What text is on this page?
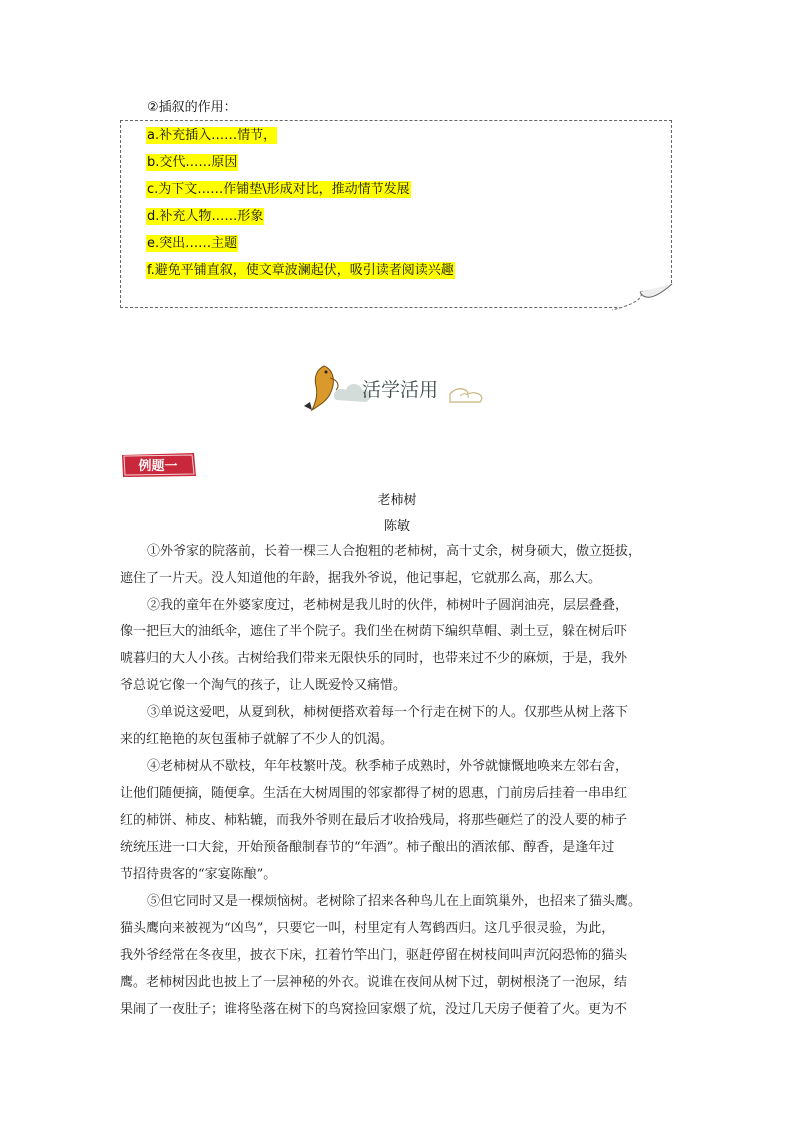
②插叙的作用：
a.补充插入……情节，
b.交代……原因
c.为下文……作铺垫\形成对比，推动情节发展
d.补充人物……形象
e.突出……主题
f.避免平铺直叙，使文章波澜起伏，吸引读者阅读兴趣
活学活用
例题一
老柿树
陈敏
①外爷家的院落前，长着一棵三人合抱粗的老柿树，高十丈余，树身硕大，傲立挺拔，
遮住了一片天。没人知道他的年龄，据我外爷说，他记事起，它就那么高，那么大。
②我的童年在外婆家度过，老柿树是我儿时的伙伴，柿树叶子圆润油亮，层层叠叠，
像一把巨大的油纸伞，遮住了半个院子。我们坐在树荫下编织草帽、剥土豆，躲在树后吓
唬暮归的大人小孩。古树给我们带来无限快乐的同时，也带来过不少的麻烦，于是，我外
爷总说它像一个淘气的孩子，让人既爱怜又痛惜。
③单说这爱吧，从夏到秋，柿树便搭欢着每一个行走在树下的人。仅那些从树上落下
来的红艳艳的灰包蛋柿子就解了不少人的饥渴。
④老柿树从不歇枝，年年枝繁叶茂。秋季柿子成熟时，外爷就慷慨地唤来左邻右舍，
让他们随便摘，随便拿。生活在大树周围的邻家都得了树的恩惠，门前房后挂着一串串红
红的柿饼、柿皮、柿粘辘，而我外爷则在最后才收拾残局，将那些砸烂了的没人要的柿子
统统压进一口大瓮，开始预备酿制春节的“年酒”。柿子酿出的酒浓郁、醇香，是逢年过
节招待贵客的“家宴陈酿”。
⑤但它同时又是一棵烦恼树。老树除了招来各种鸟儿在上面筑巢外，也招来了猫头鹰。
猫头鹰向来被视为“凶鸟”，只要它一叫，村里定有人驾鹤西归。这几乎很灵验，为此，
我外爷经常在冬夜里，披衣下床，扛着竹竿出门，驱赶停留在树枝间叫声沉闷恐怖的猫头
鹰。老柿树因此也披上了一层神秘的外衣。说谁在夜间从树下过，朝树根浇了一泡尿，结
果闹了一夜肚子；谁将坠落在树下的鸟窝捡回家煨了炕，没过几天房子便着了火。更为不
